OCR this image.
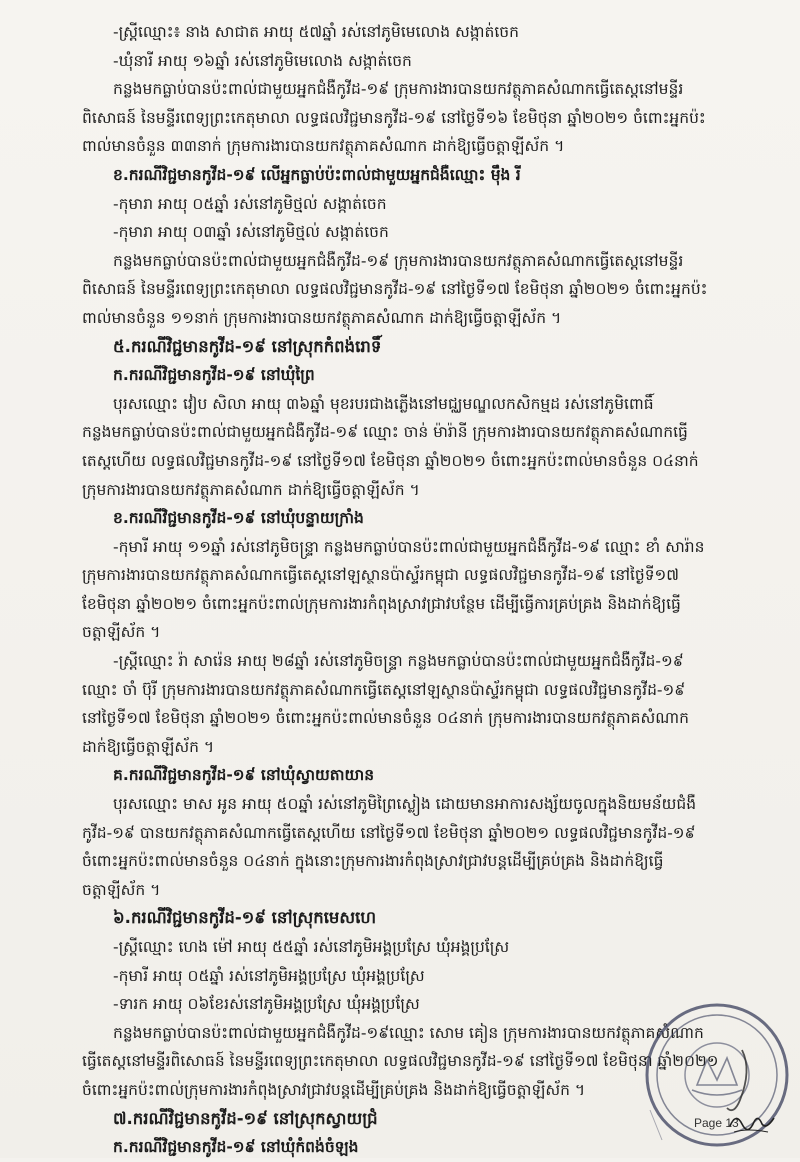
-ស្ត្រីឈ្មោះ៖ នាង សាជាត អាយុ ៥៧ឆ្នាំ រស់នៅភូមិមេលេាង សង្កាត់ចេក
-ឃុំនារី អាយុ ១៦ឆ្នាំ រស់នៅភូមិមេលេាង សង្កាត់ចេក
កន្លងមកធ្លាប់បានប៉ះពាល់ជាមួយអ្នកជំងឺកូវីដ-១៩ ក្រុមការងារបានយកវត្ថុភាគសំណាកធ្វើតេស្តនៅមន្ទីរ
ពិសោធន៍ នៃមន្ទីរពេទ្យព្រះកេតុមាលា លទ្ធផលវិជ្ជមានកូវីដ-១៩ នៅថ្ងៃទី១៦ ខែមិថុនា ឆ្នាំ២០២១ ចំពោះអ្នកប៉ះ
ពាល់មានចំនួន ៣៣នាក់ ក្រុមការងារបានយកវត្ថុភាគសំណាក ដាក់ឱ្យធ្វើចត្តាឡីស័ក ។
ខ.ករណីវិជ្ជមានកូវីដ-១៩ លើអ្នកធ្លាប់ប៉ះពាល់ជាមួយអ្នកជំងឺឈ្មោះ ម៉ឹង រី
-កុមារា អាយុ ០៥ឆ្នាំ រស់នៅភូមិថ្មល់ សង្កាត់ចេក
-កុមារា អាយុ ០៣ឆ្នាំ រស់នៅភូមិថ្មល់ សង្កាត់ចេក
កន្លងមកធ្លាប់បានប៉ះពាល់ជាមួយអ្នកជំងឺកូវីដ-១៩ ក្រុមការងារបានយកវត្ថុភាគសំណាកធ្វើតេស្តនៅមន្ទីរ
ពិសោធន៍ នៃមន្ទីរពេទ្យព្រះកេតុមាលា លទ្ធផលវិជ្ជមានកូវីដ-១៩ នៅថ្ងៃទី១៧ ខែមិថុនា ឆ្នាំ២០២១ ចំពោះអ្នកប៉ះ
ពាល់មានចំនួន ១១នាក់ ក្រុមការងារបានយកវត្ថុភាគសំណាក ដាក់ឱ្យធ្វើចត្តាឡីស័ក ។
៥.ករណីវិជ្ជមានកូវីដ-១៩ នៅស្រុកកំពង់រោទិ៍
ក.ករណីវិជ្ជមានកូវីដ-១៩ នៅឃុំព្រៃ
បុរសឈ្មោះ វៀប សិលា អាយុ ៣៦ឆ្នាំ មុខរបរជាងភ្លើងនៅមជ្ឈមណ្ឌលកសិកម្មដ រស់នៅភូមិពោធិ៍
កន្លងមកធ្លាប់បានប៉ះពាល់ជាមួយអ្នកជំងឺកូវីដ-១៩ ឈ្មោះ ចាន់ ម៉ារ៉ានី ក្រុមការងារបានយកវត្ថុភាគសំណាកធ្វើ
តេស្តហើយ លទ្ធផលវិជ្ជមានកូវីដ-១៩ នៅថ្ងៃទី១៧ ខែមិថុនា ឆ្នាំ២០២១ ចំពោះអ្នកប៉ះពាល់មានចំនួន ០៤នាក់
ក្រុមការងារបានយកវត្ថុភាគសំណាក ដាក់ឱ្យធ្វើចត្តាឡីស័ក ។
ខ.ករណីវិជ្ជមានកូវីដ-១៩ នៅឃុំបន្ទាយក្រាំង
-កុមារី អាយុ ១១ឆ្នាំ រស់នៅភូមិចន្ទ្រា កន្លងមកធ្លាប់បានប៉ះពាល់ជាមួយអ្នកជំងឺកូវីដ-១៩ ឈ្មោះ ខាំ សារ៉ាន
ក្រុមការងារបានយកវត្ថុភាគសំណាកធ្វើតេស្តនៅឡស្ថានប៉ាស្ទ័រកម្ពុជា លទ្ធផលវិជ្ជមានកូវីដ-១៩ នៅថ្ងៃទី១៧
ខែមិថុនា ឆ្នាំ២០២១ ចំពោះអ្នកប៉ះពាល់ក្រុមការងារកំពុងស្រាវជ្រាវបន្ថែម ដើម្បីធ្វើការគ្រប់គ្រង និងដាក់ឱ្យធ្វើ
ចត្តាឡីស័ក ។
-ស្ត្រីឈ្មោះ រ៉ា សារ៉េន អាយុ ២៨ឆ្នាំ រស់នៅភូមិចន្ទ្រា កន្លងមកធ្លាប់បានប៉ះពាល់ជាមួយអ្នកជំងឺកូវីដ-១៩
ឈ្មោះ ចាំ ប៊ុរី ក្រុមការងារបានយកវត្ថុភាគសំណាកធ្វើតេស្តនៅឡស្ថានប៉ាស្ទ័រកម្ពុជា លទ្ធផលវិជ្ជមានកូវីដ-១៩
នៅថ្ងៃទី១៧ ខែមិថុនា ឆ្នាំ២០២១ ចំពោះអ្នកប៉ះពាល់មានចំនួន ០៤នាក់ ក្រុមការងារបានយកវត្ថុភាគសំណាក
ដាក់ឱ្យធ្វើចត្តាឡីស័ក ។
គ.ករណីវិជ្ជមានកូវីដ-១៩ នៅឃុំស្វាយតាយាន
បុរសឈ្មោះ មាស អូន អាយុ ៥០ឆ្នាំ រស់នៅភូមិព្រៃស្លៀង ដោយមានអាការសង្ស័យចូលក្នុងនិយមន័យជំងឺ
កូវីដ-១៩ បានយកវត្ថុភាគសំណាកធ្វើតេស្តហើយ នៅថ្ងៃទី១៧ ខែមិថុនា ឆ្នាំ២០២១ លទ្ធផលវិជ្ជមានកូវីដ-១៩
ចំពោះអ្នកប៉ះពាល់មានចំនួន ០៤នាក់ ក្នុងនោះក្រុមការងារកំពុងស្រាវជ្រាវបន្តដើម្បីគ្រប់គ្រង និងដាក់ឱ្យធ្វើ
ចត្តាឡីស័ក ។
៦.ករណីវិជ្ជមានកូវីដ-១៩ នៅស្រុកមេសហេ
-ស្ត្រីឈ្មោះ ហេង ម៉ៅ អាយុ ៥៥ឆ្នាំ រស់នៅភូមិអង្គប្រស្រែ ឃុំអង្គប្រស្រែ
-កុមារី អាយុ ០៥ឆ្នាំ រស់នៅភូមិអង្គប្រស្រែ ឃុំអង្គប្រស្រែ
-ទារក អាយុ ០៦ខែរស់នៅភូមិអង្គប្រស្រែ ឃុំអង្គប្រស្រែ
កន្លងមកធ្លាប់បានប៉ះពាល់ជាមួយអ្នកជំងឺកូវីដ-១៩ឈ្មោះ សោម គៀន ក្រុមការងារបានយកវត្ថុភាគសំណាក
ធ្វើតេស្តនៅមន្ទីរពិសោធន៍ នៃមន្ទីរពេទ្យព្រះកេតុមាលា លទ្ធផលវិជ្ជមានកូវីដ-១៩ នៅថ្ងៃទី១៧ ខែមិថុនា ឆ្នាំ២០២១
ចំពោះអ្នកប៉ះពាល់ក្រុមការងារកំពុងស្រាវជ្រាវបន្តដើម្បីគ្រប់គ្រង និងដាក់ឱ្យធ្វើចត្តាឡីស័ក ។
៧.ករណីវិជ្ជមានកូវីដ-១៩ នៅស្រុកស្វាយជ្រំ
ក.ករណីវិជ្ជមានកូវីដ-១៩ នៅឃុំកំពង់ចំឡង
Page 13
